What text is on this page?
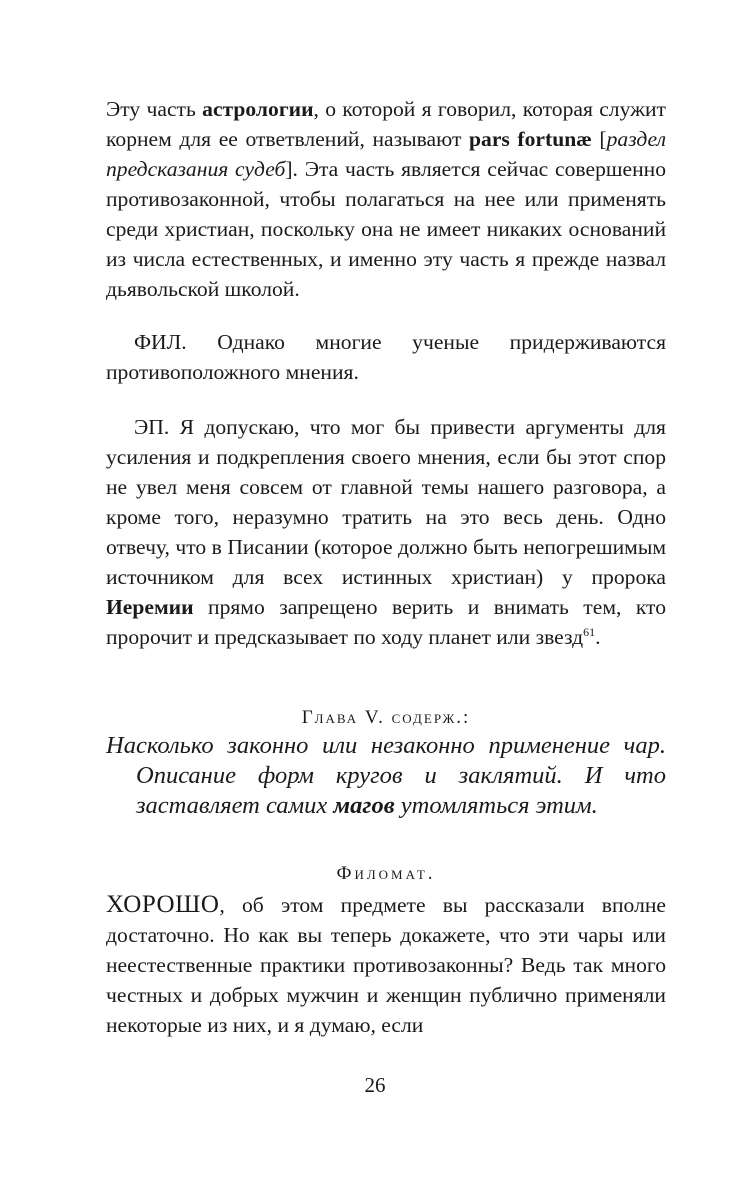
Эту часть астрологии, о которой я говорил, которая служит корнем для ее ответвлений, называют pars fortunæ [раздел предсказания судеб]. Эта часть является сейчас совершенно противозаконной, чтобы полагаться на нее или применять среди христиан, поскольку она не имеет никаких оснований из числа естественных, и именно эту часть я прежде назвал дьявольской школой.

ФИЛ. Однако многие ученые придерживаются противоположного мнения.

ЭП. Я допускаю, что мог бы привести аргументы для усиления и подкрепления своего мнения, если бы этот спор не увел меня совсем от главной темы нашего разговора, а кроме того, неразумно тратить на это весь день. Одно отвечу, что в Писании (которое должно быть непогрешимым источником для всех истинных христиан) у пророка Иеремии прямо запрещено верить и внимать тем, кто пророчит и предсказывает по ходу планет или звезд$^{61}$.

Глава V. содерж.:

Насколько законно или незаконно применение чар. Описание форм кругов и заклятий. И что заставляет самих магов утомляться этим.

Филомат.

ХОРОШО, об этом предмете вы рассказали вполне достаточно. Но как вы теперь докажете, что эти чары или неестественные практики противозаконны? Ведь так много честных и добрых мужчин и женщин публично применяли некоторые из них, и я думаю, если

26
